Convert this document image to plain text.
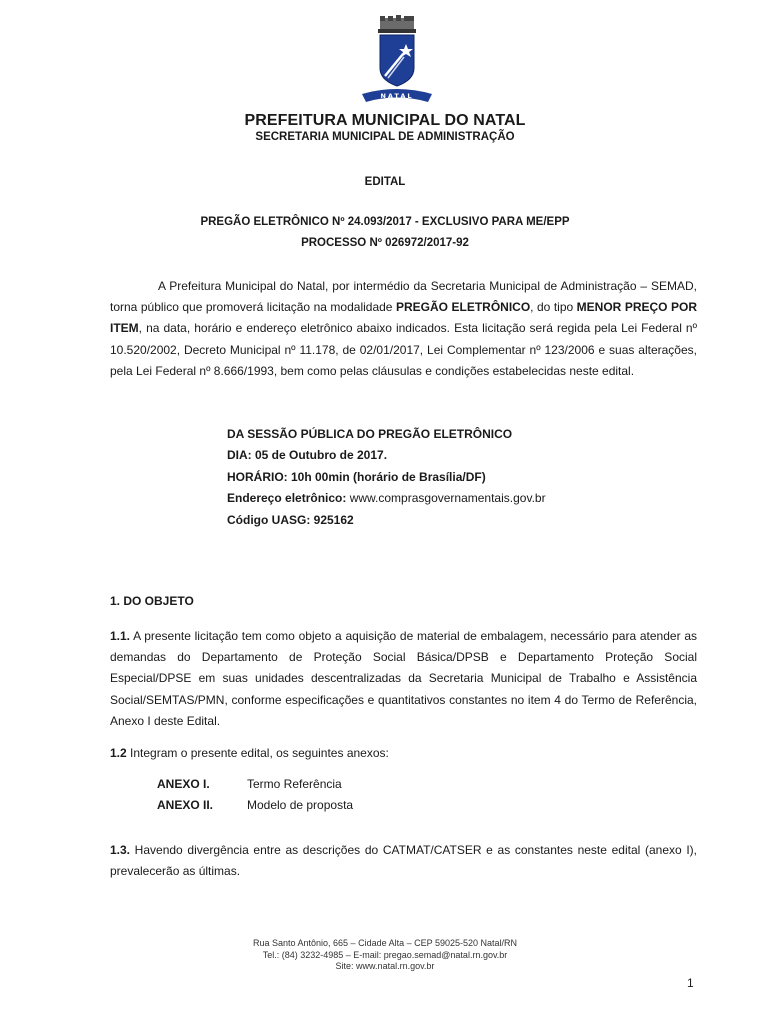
NATAL
PREFEITURA MUNICIPAL DO NATAL
SECRETARIA MUNICIPAL DE ADMINISTRAÇÃO
EDITAL
PREGÃO ELETRÔNICO Nº 24.093/2017 - EXCLUSIVO PARA ME/EPP
PROCESSO Nº 026972/2017-92

A Prefeitura Municipal do Natal, por intermédio da Secretaria Municipal de Administração – SEMAD, torna público que promoverá licitação na modalidade PREGÃO ELETRÔNICO, do tipo MENOR PREÇO POR ITEM, na data, horário e endereço eletrônico abaixo indicados. Esta licitação será regida pela Lei Federal nº 10.520/2002, Decreto Municipal nº 11.178, de 02/01/2017, Lei Complementar nº 123/2006 e suas alterações, pela Lei Federal nº 8.666/1993, bem como pelas cláusulas e condições estabelecidas neste edital.

DA SESSÃO PÚBLICA DO PREGÃO ELETRÔNICO
DIA: 05 de Outubro de 2017.
HORÁRIO: 10h 00min (horário de Brasília/DF)
Endereço eletrônico: www.comprasgovernamentais.gov.br
Código UASG: 925162
1. DO OBJETO

1.1. A presente licitação tem como objeto a aquisição de material de embalagem, necessário para atender as demandas do Departamento de Proteção Social Básica/DPSB e Departamento Proteção Social Especial/DPSE em suas unidades descentralizadas da Secretaria Municipal de Trabalho e Assistência Social/SEMTAS/PMN, conforme especificações e quantitativos constantes no item 4 do Termo de Referência, Anexo I deste Edital.

1.2 Integram o presente edital, os seguintes anexos:

ANEXO I.	Termo Referência
ANEXO II.	Modelo de proposta

1.3. Havendo divergência entre as descrições do CATMAT/CATSER e as constantes neste edital (anexo I), prevalecerão as últimas.

Rua Santo Antônio, 665 – Cidade Alta – CEP 59025-520 Natal/RN
Tel.: (84) 3232-4985 – E-mail: pregao.semad@natal.rn.gov.br
Site: www.natal.rn.gov.br
1
